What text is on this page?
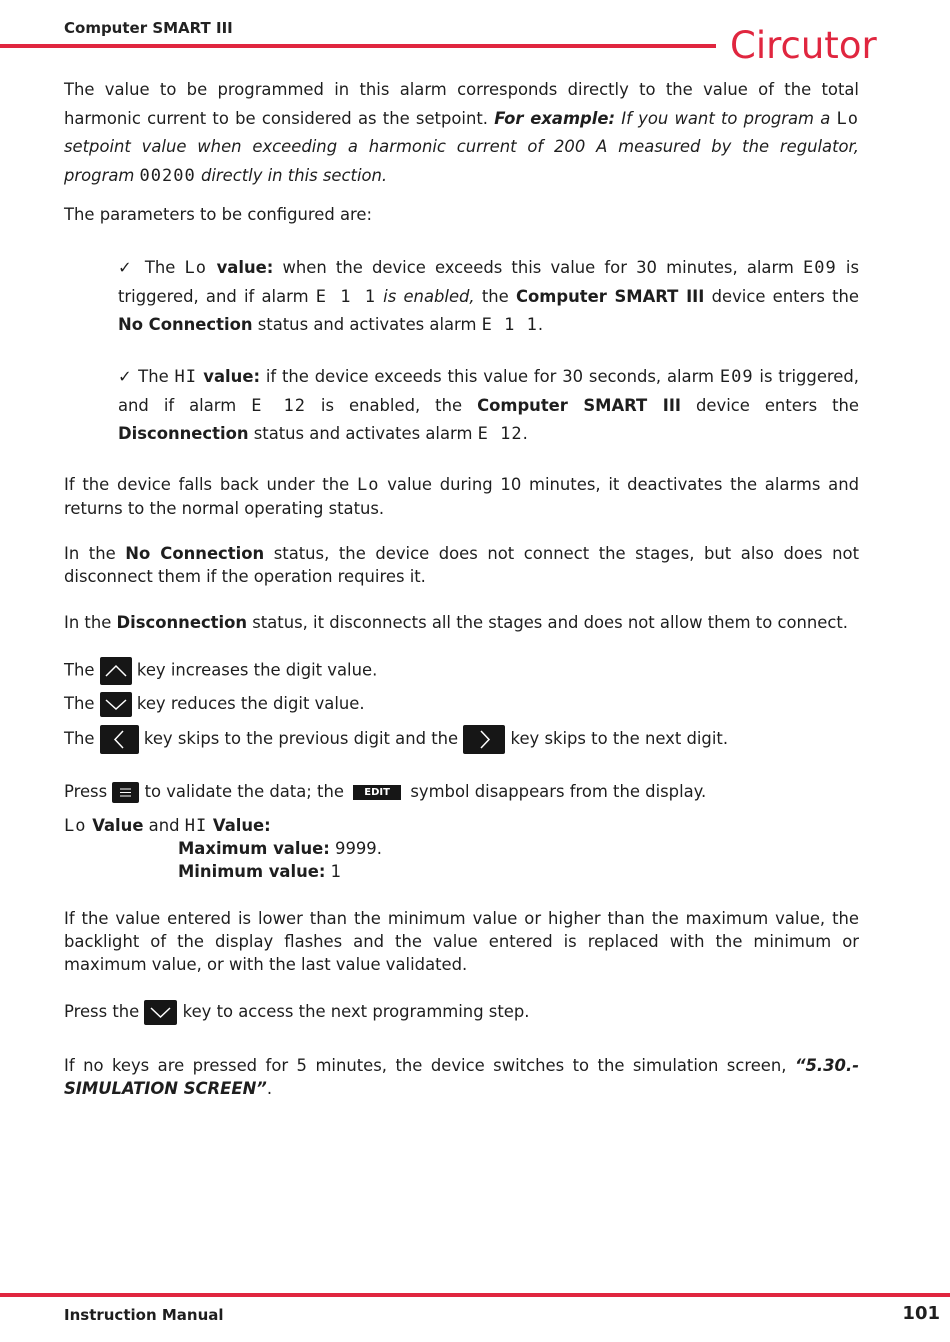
Computer SMART III	Circutor
The value to be programmed in this alarm corresponds directly to the value of the total harmonic current to be considered as the setpoint. For example: If you want to program a Lo setpoint value when exceeding a harmonic current of 200 A measured by the regulator, program 00200 directly in this section.
The parameters to be configured are:
✓ The Lo value: when the device exceeds this value for 30 minutes, alarm E09 is triggered, and if alarm E 1 1 is enabled, the Computer SMART III device enters the No Connection status and activates alarm E 1 1.
✓ The HI value: if the device exceeds this value for 30 seconds, alarm E09 is triggered, and if alarm E 12 is enabled, the Computer SMART III device enters the Disconnection status and activates alarm E 12.
If the device falls back under the Lo value during 10 minutes, it deactivates the alarms and returns to the normal operating status.
In the No Connection status, the device does not connect the stages, but also does not disconnect them if the operation requires it.
In the Disconnection status, it disconnects all the stages and does not allow them to connect.
The
key increases the digit value.
The
key reduces the digit value.
The
key skips to the previous digit and the	key skips to the next digit.
Press
to validate the data; the EDIT symbol disappears from the display.
Lo Value and HI Value:
Maximum value: 9999.
Minimum value: 1
If the value entered is lower than the minimum value or higher than the maximum value, the backlight of the display flashes and the value entered is replaced with the minimum or maximum value, or with the last value validated.
Press the
key to access the next programming step.
If no keys are pressed for 5 minutes, the device switches to the simulation screen, “5.30.- SIMULATION SCREEN”.
Instruction Manual	101
